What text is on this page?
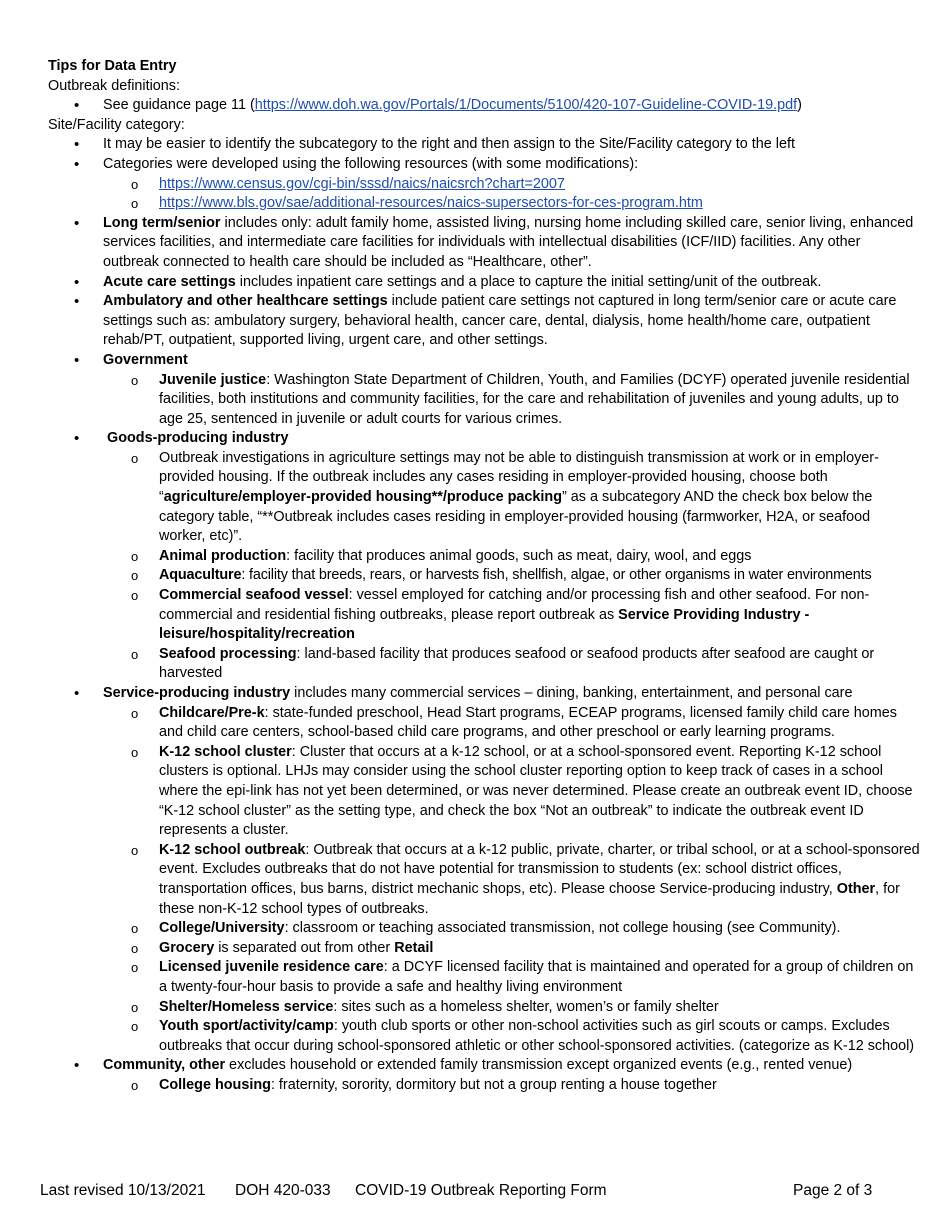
Tips for Data Entry

Outbreak definitions:

• See guidance page 11 (https://www.doh.wa.gov/Portals/1/Documents/5100/420-107-Guideline-COVID-19.pdf)

Site/Facility category:

• It may be easier to identify the subcategory to the right and then assign to the Site/Facility category to the left
• Categories were developed using the following resources (with some modifications):
o https://www.census.gov/cgi-bin/sssd/naics/naicsrch?chart=2007
o https://www.bls.gov/sae/additional-resources/naics-supersectors-for-ces-program.htm
• Long term/senior includes only: adult family home, assisted living, nursing home including skilled care, senior living, enhanced services facilities, and intermediate care facilities for individuals with intellectual disabilities (ICF/IID) facilities. Any other outbreak connected to health care should be included as “Healthcare, other”.
• Acute care settings includes inpatient care settings and a place to capture the initial setting/unit of the outbreak.
• Ambulatory and other healthcare settings include patient care settings not captured in long term/senior care or acute care settings such as: ambulatory surgery, behavioral health, cancer care, dental, dialysis, home health/home care, outpatient rehab/PT, outpatient, supported living, urgent care, and other settings.
• Government
o Juvenile justice: Washington State Department of Children, Youth, and Families (DCYF) operated juvenile residential facilities, both institutions and community facilities, for the care and rehabilitation of juveniles and young adults, up to age 25, sentenced in juvenile or adult courts for various crimes.
• Goods-producing industry
o Outbreak investigations in agriculture settings may not be able to distinguish transmission at work or in employer-provided housing. If the outbreak includes any cases residing in employer-provided housing, choose both “agriculture/employer-provided housing**/produce packing” as a subcategory AND the check box below the category table, “**Outbreak includes cases residing in employer-provided housing (farmworker, H2A, or seafood worker, etc)”.
o Animal production: facility that produces animal goods, such as meat, dairy, wool, and eggs
o Aquaculture: facility that breeds, rears, or harvests fish, shellfish, algae, or other organisms in water environments
o Commercial seafood vessel: vessel employed for catching and/or processing fish and other seafood. For non-commercial and residential fishing outbreaks, please report outbreak as Service Providing Industry - leisure/hospitality/recreation
o Seafood processing: land-based facility that produces seafood or seafood products after seafood are caught or harvested
• Service-producing industry includes many commercial services – dining, banking, entertainment, and personal care
o Childcare/Pre-k: state-funded preschool, Head Start programs, ECEAP programs, licensed family child care homes and child care centers, school-based child care programs, and other preschool or early learning programs.
o K-12 school cluster: Cluster that occurs at a k-12 school, or at a school-sponsored event. Reporting K-12 school clusters is optional. LHJs may consider using the school cluster reporting option to keep track of cases in a school where the epi-link has not yet been determined, or was never determined. Please create an outbreak event ID, choose “K-12 school cluster” as the setting type, and check the box “Not an outbreak” to indicate the outbreak event ID represents a cluster.
o K-12 school outbreak: Outbreak that occurs at a k-12 public, private, charter, or tribal school, or at a school-sponsored event. Excludes outbreaks that do not have potential for transmission to students (ex: school district offices, transportation offices, bus barns, district mechanic shops, etc). Please choose Service-producing industry, Other, for these non-K-12 school types of outbreaks.
o College/University: classroom or teaching associated transmission, not college housing (see Community).
o Grocery is separated out from other Retail
o Licensed juvenile residence care: a DCYF licensed facility that is maintained and operated for a group of children on a twenty-four-hour basis to provide a safe and healthy living environment
o Shelter/Homeless service: sites such as a homeless shelter, women’s or family shelter
o Youth sport/activity/camp: youth club sports or other non-school activities such as girl scouts or camps. Excludes outbreaks that occur during school-sponsored athletic or other school-sponsored activities. (categorize as K-12 school)
• Community, other excludes household or extended family transmission except organized events (e.g., rented venue)
o College housing: fraternity, sorority, dormitory but not a group renting a house together
Last revised 10/13/2021 DOH 420-033 COVID-19 Outbreak Reporting Form	Page 2 of 3
